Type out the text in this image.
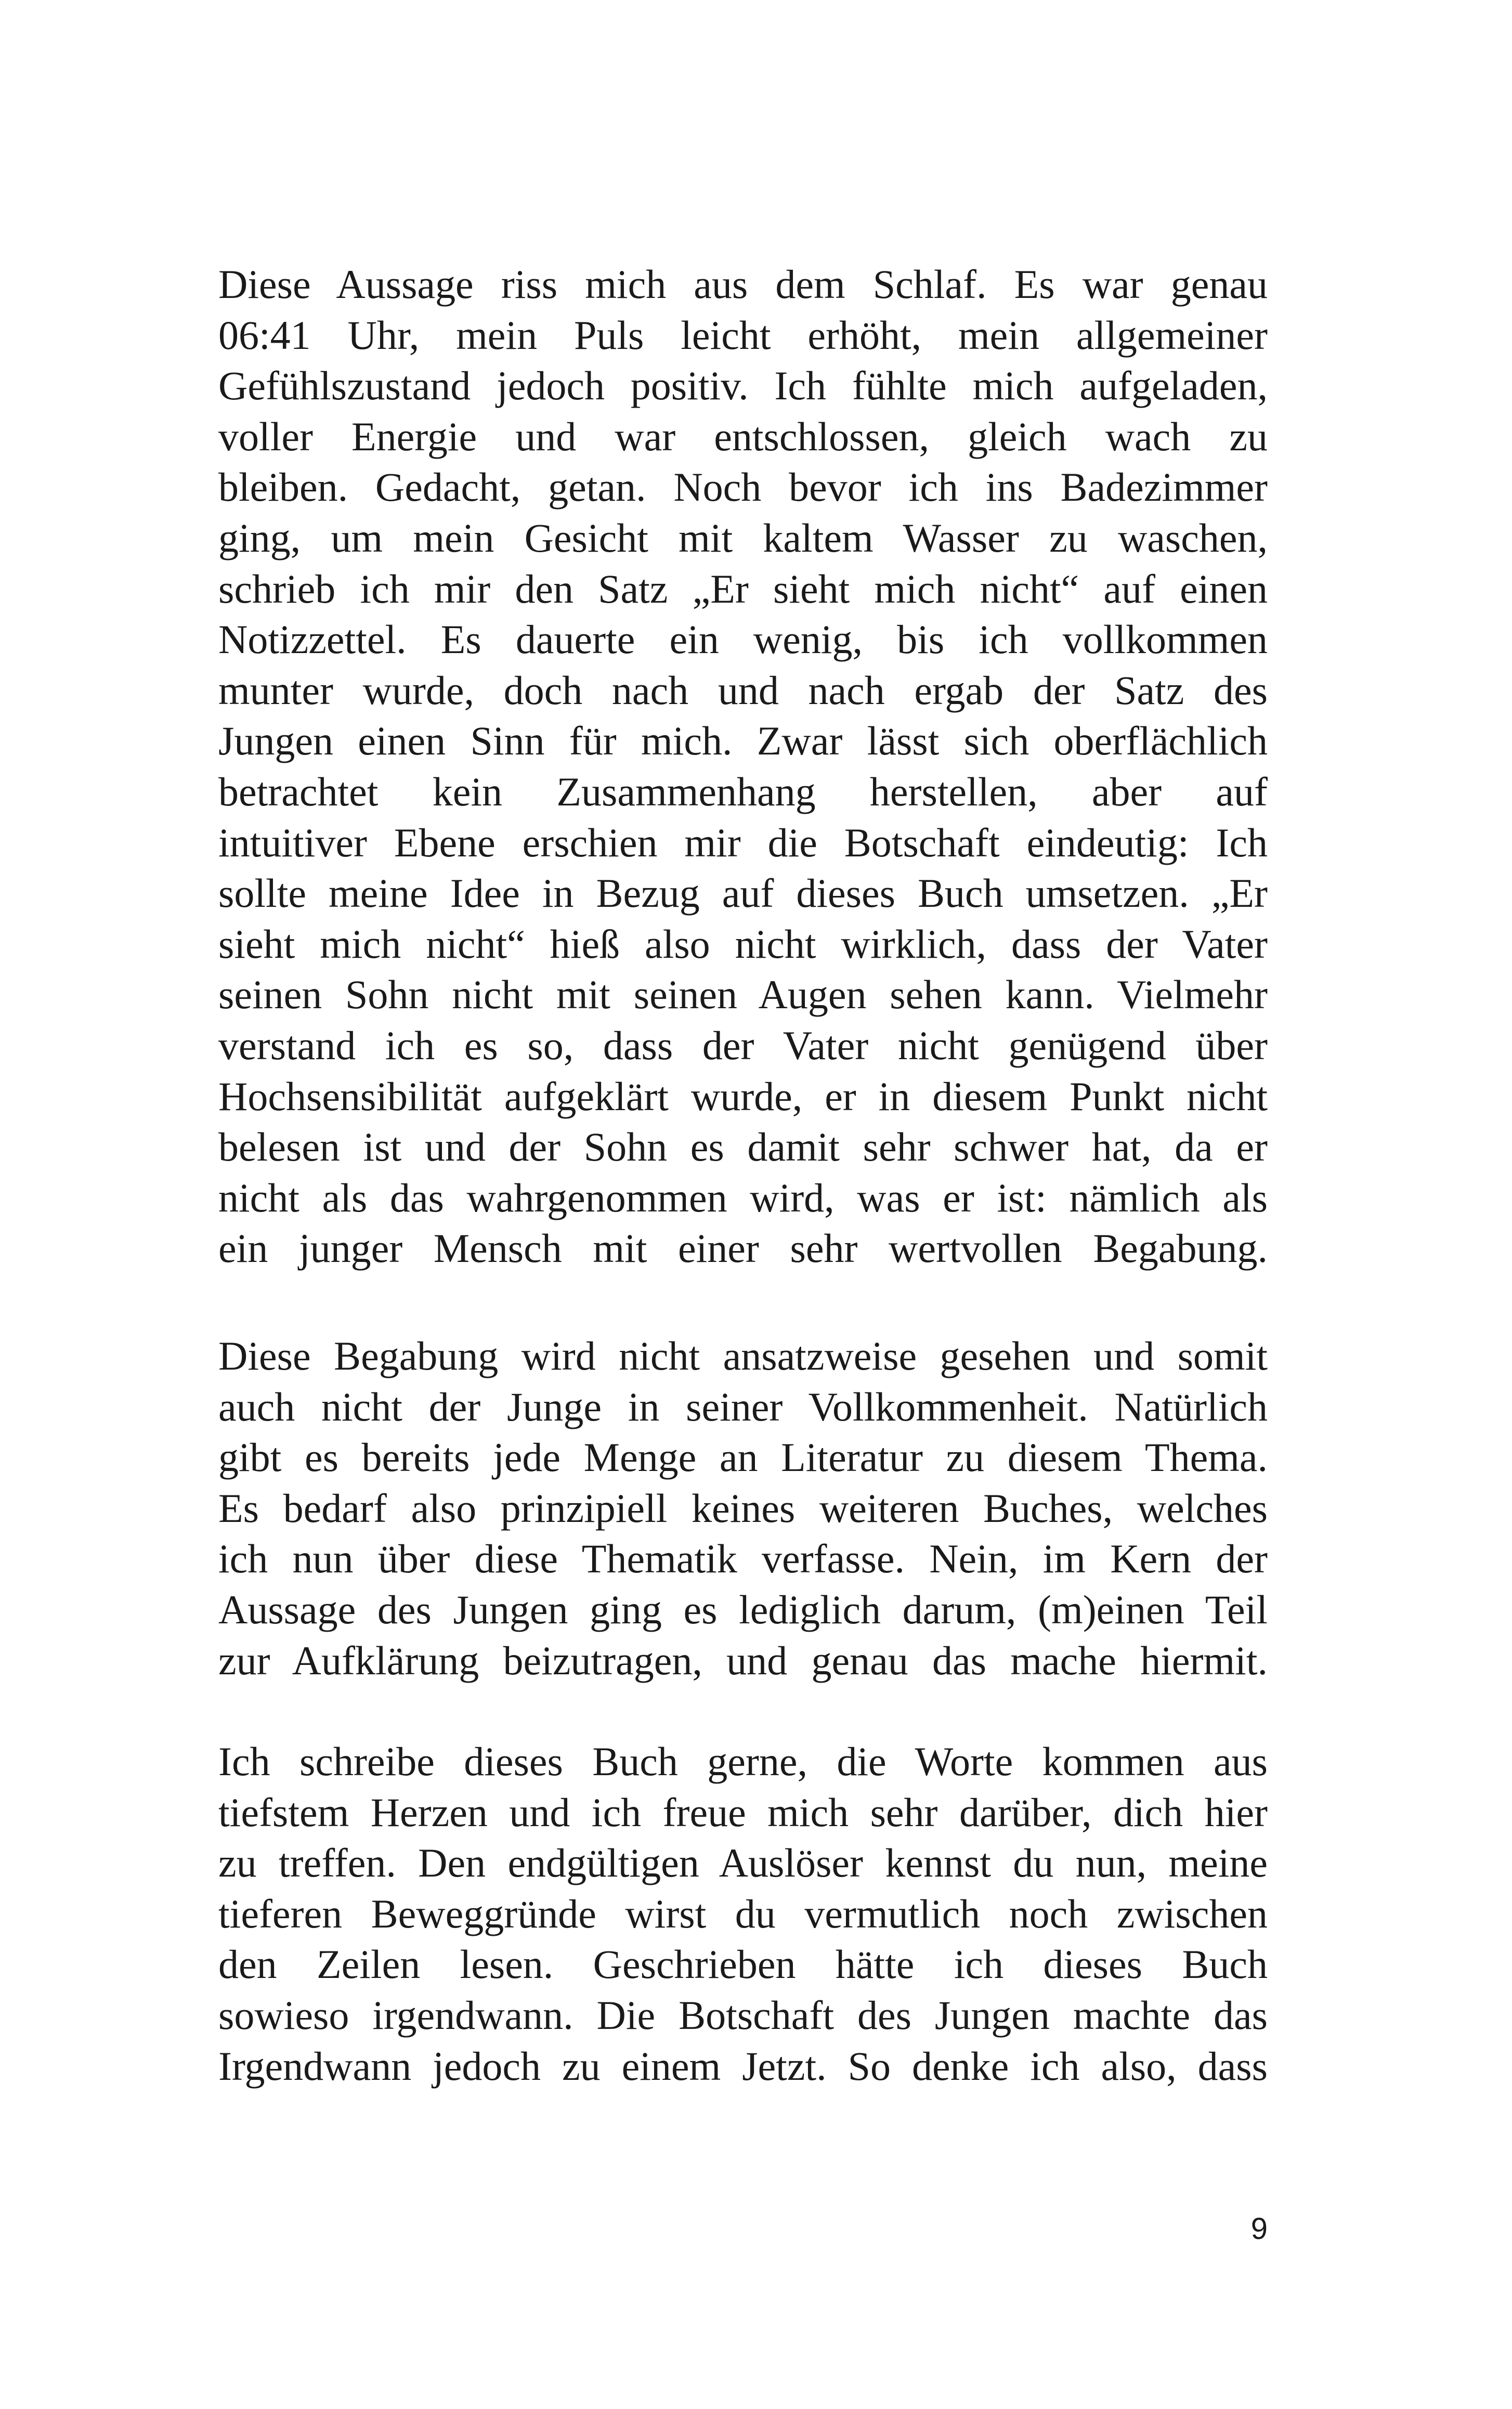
Diese Aussage riss mich aus dem Schlaf. Es war genau
06:41 Uhr, mein Puls leicht erhöht, mein allgemeiner
Gefühlszustand jedoch positiv. Ich fühlte mich aufgeladen,
voller Energie und war entschlossen, gleich wach zu
bleiben. Gedacht, getan. Noch bevor ich ins Badezimmer
ging, um mein Gesicht mit kaltem Wasser zu waschen,
schrieb ich mir den Satz „Er sieht mich nicht“ auf einen
Notizzettel. Es dauerte ein wenig, bis ich vollkommen
munter wurde, doch nach und nach ergab der Satz des
Jungen einen Sinn für mich. Zwar lässt sich oberflächlich
betrachtet kein Zusammenhang herstellen, aber auf
intuitiver Ebene erschien mir die Botschaft eindeutig: Ich
sollte meine Idee in Bezug auf dieses Buch umsetzen. „Er
sieht mich nicht“ hieß also nicht wirklich, dass der Vater
seinen Sohn nicht mit seinen Augen sehen kann. Vielmehr
verstand ich es so, dass der Vater nicht genügend über
Hochsensibilität aufgeklärt wurde, er in diesem Punkt nicht
belesen ist und der Sohn es damit sehr schwer hat, da er
nicht als das wahrgenommen wird, was er ist: nämlich als
ein junger Mensch mit einer sehr wertvollen Begabung.
Diese Begabung wird nicht ansatzweise gesehen und somit
auch nicht der Junge in seiner Vollkommenheit. Natürlich
gibt es bereits jede Menge an Literatur zu diesem Thema.
Es bedarf also prinzipiell keines weiteren Buches, welches
ich nun über diese Thematik verfasse. Nein, im Kern der
Aussage des Jungen ging es lediglich darum, (m)einen Teil
zur Aufklärung beizutragen, und genau das mache hiermit.
Ich schreibe dieses Buch gerne, die Worte kommen aus
tiefstem Herzen und ich freue mich sehr darüber, dich hier
zu treffen. Den endgültigen Auslöser kennst du nun, meine
tieferen Beweggründe wirst du vermutlich noch zwischen
den Zeilen lesen. Geschrieben hätte ich dieses Buch
sowieso irgendwann. Die Botschaft des Jungen machte das
Irgendwann jedoch zu einem Jetzt. So denke ich also, dass
9
